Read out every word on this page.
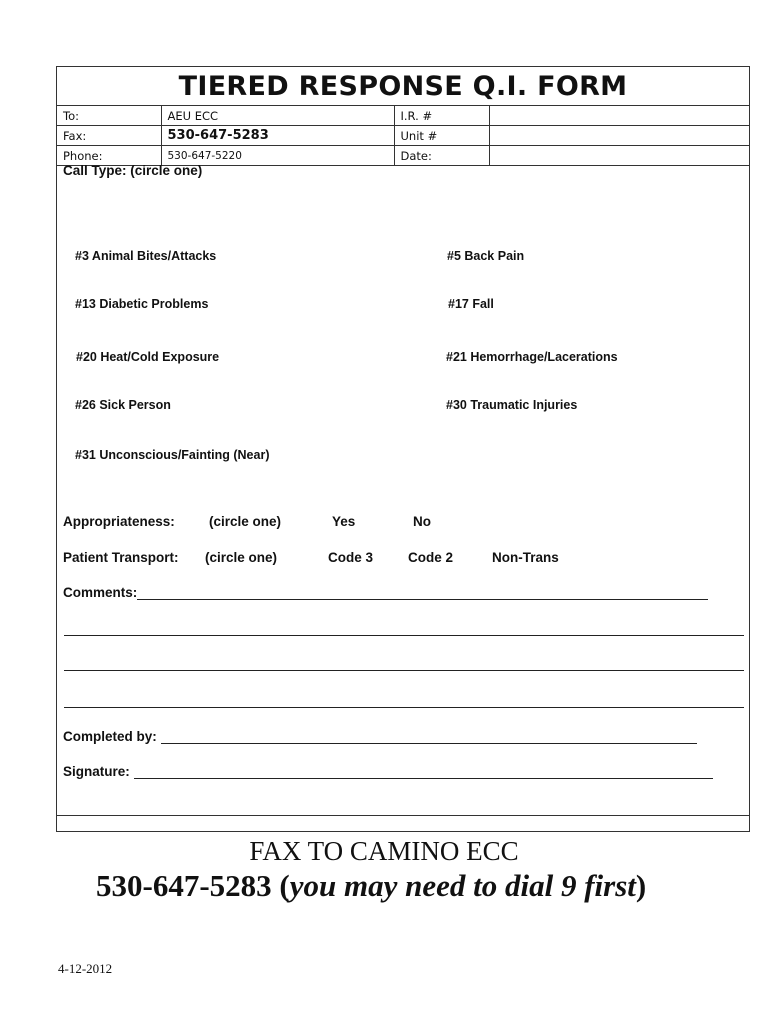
TIERED RESPONSE Q.I. FORM
To:	AEU ECC	I.R. #	
Fax:	530-647-5283	Unit #	
Phone:	530-647-5220	Date:	
Call Type: (circle one)
#3 Animal Bites/Attacks	#5 Back Pain
#13 Diabetic Problems	#17 Fall
#20 Heat/Cold Exposure	#21 Hemorrhage/Lacerations
#26 Sick Person	#30 Traumatic Injuries
#31 Unconscious/Fainting (Near)
Appropriateness:	(circle one)	Yes	No
Patient Transport: (circle one)	Code 3	Code 2	Non-Trans
Comments:
Completed by:
Signature:
FAX TO CAMINO ECC
530-647-5283 (you may need to dial 9 first)
4-12-2012
